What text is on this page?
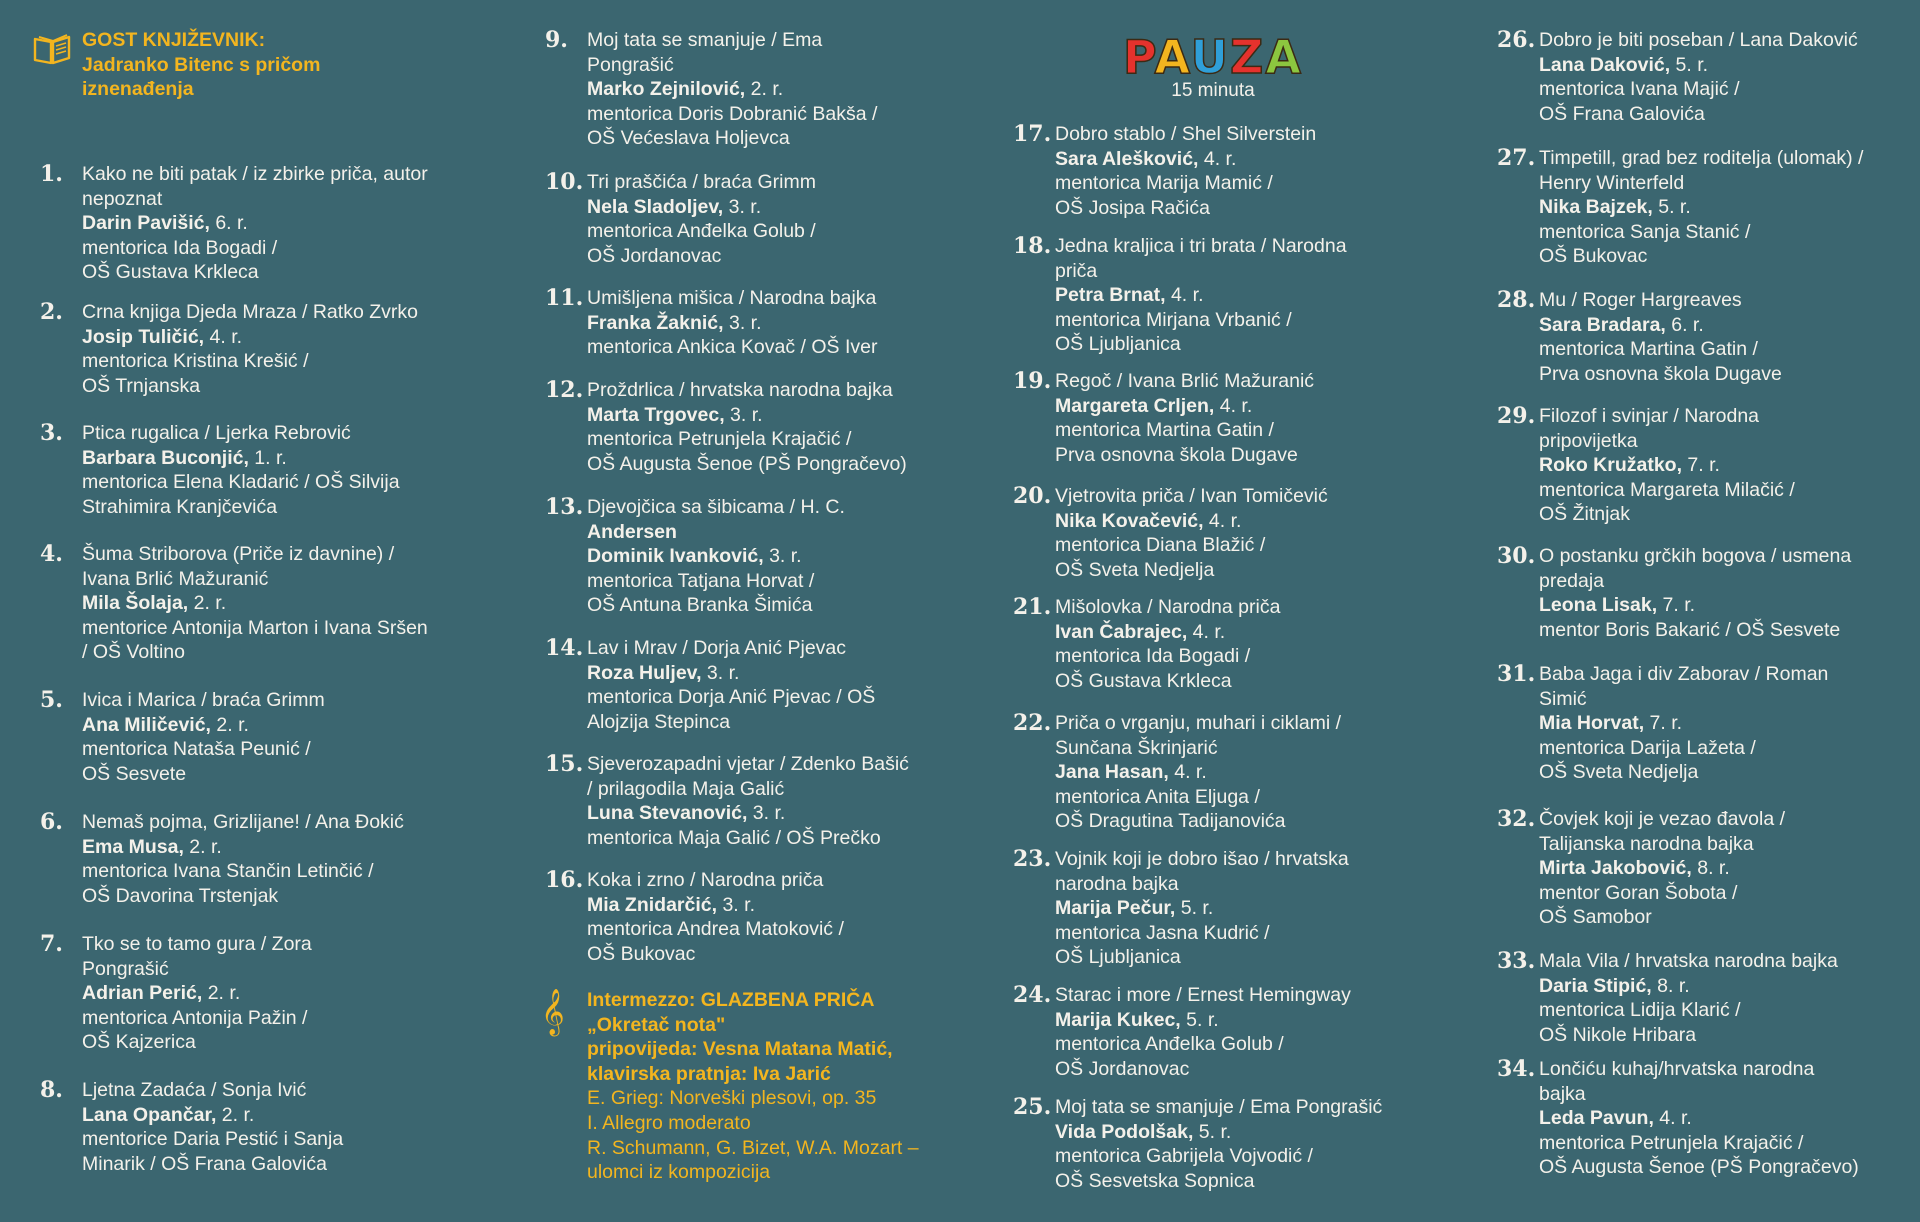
GOST KNJIŽEVNIK:
Jadranko Bitenc s pričom
iznenađenja
1. Kako ne biti patak / iz zbirke priča, autor
nepoznat
Darin Pavišić, 6. r.
mentorica Ida Bogadi /
OŠ Gustava Krkleca
2. Crna knjiga Djeda Mraza / Ratko Zvrko
Josip Tuličić, 4. r.
mentorica Kristina Krešić /
OŠ Trnjanska
3. Ptica rugalica / Ljerka Rebrović
Barbara Buconjić, 1. r.
mentorica Elena Kladarić / OŠ Silvija
Strahimira Kranjčevića
4. Šuma Striborova (Priče iz davnine) /
Ivana Brlić Mažuranić
Mila Šolaja, 2. r.
mentorice Antonija Marton i Ivana Sršen
/ OŠ Voltino
5. Ivica i Marica / braća Grimm
Ana Miličević, 2. r.
mentorica Nataša Peunić /
OŠ Sesvete
6. Nemaš pojma, Grizlijane! / Ana Đokić
Ema Musa, 2. r.
mentorica Ivana Stančin Letinčić /
OŠ Davorina Trstenjak
7. Tko se to tamo gura / Zora
Pongrašić
Adrian Perić, 2. r.
mentorica Antonija Pažin /
OŠ Kajzerica
8. Ljetna Zadaća / Sonja Ivić
Lana Opančar, 2. r.
mentorice Daria Pestić i Sanja
Minarik / OŠ Frana Galovića
𝄞 Intermezzo: GLAZBENA PRIČA
„Okretač nota"
pripovijeda: Vesna Matana Matić,
klavirska pratnja: Iva Jarić
E. Grieg: Norveški plesovi, op. 35
I. Allegro moderato
R. Schumann, G. Bizet, W.A. Mozart –
ulomci iz kompozicija
9. Moj tata se smanjuje / Ema
Pongrašić
Marko Zejnilović, 2. r.
mentorica Doris Dobranić Bakša /
OŠ Većeslava Holjevca
10. Tri praščića / braća Grimm
Nela Sladoljev, 3. r.
mentorica Anđelka Golub /
OŠ Jordanovac
11. Umišljena mišica / Narodna bajka
Franka Žaknić, 3. r.
mentorica Ankica Kovač / OŠ Iver
12. Proždrlica / hrvatska narodna bajka
Marta Trgovec, 3. r.
mentorica Petrunjela Krajačić /
OŠ Augusta Šenoe (PŠ Pongračevo)
13. Djevojčica sa šibicama / H. C.
Andersen
Dominik Ivanković, 3. r.
mentorica Tatjana Horvat /
OŠ Antuna Branka Šimića
14. Lav i Mrav / Dorja Anić Pjevac
Roza Huljev, 3. r.
mentorica Dorja Anić Pjevac / OŠ
Alojzija Stepinca
15. Sjeverozapadni vjetar / Zdenko Bašić
/ prilagodila Maja Galić
Luna Stevanović, 3. r.
mentorica Maja Galić / OŠ Prečko
16. Koka i zrno / Narodna priča
Mia Znidarčić, 3. r.
mentorica Andrea Matoković /
OŠ Bukovac
PAUZA
15 minuta
17. Dobro stablo / Shel Silverstein
Sara Alešković, 4. r.
mentorica Marija Mamić /
OŠ Josipa Račića
18. Jedna kraljica i tri brata / Narodna
priča
Petra Brnat, 4. r.
mentorica Mirjana Vrbanić /
OŠ Ljubljanica
19. Regoč / Ivana Brlić Mažuranić
Margareta Crljen, 4. r.
mentorica Martina Gatin /
Prva osnovna škola Dugave
20. Vjetrovita priča / Ivan Tomičević
Nika Kovačević, 4. r.
mentorica Diana Blažić /
OŠ Sveta Nedjelja
21. Mišolovka / Narodna priča
Ivan Čabrajec, 4. r.
mentorica Ida Bogadi /
OŠ Gustava Krkleca
22. Priča o vrganju, muhari i ciklami /
Sunčana Škrinjarić
Jana Hasan, 4. r.
mentorica Anita Eljuga /
OŠ Dragutina Tadijanovića
23. Vojnik koji je dobro išao / hrvatska
narodna bajka
Marija Pečur, 5. r.
mentorica Jasna Kudrić /
OŠ Ljubljanica
24. Starac i more / Ernest Hemingway
Marija Kukec, 5. r.
mentorica Anđelka Golub /
OŠ Jordanovac
25. Moj tata se smanjuje / Ema Pongrašić
Vida Podolšak, 5. r.
mentorica Gabrijela Vojvodić /
OŠ Sesvetska Sopnica
26. Dobro je biti poseban / Lana Daković
Lana Daković, 5. r.
mentorica Ivana Majić /
OŠ Frana Galovića
27. Timpetill, grad bez roditelja (ulomak) /
Henry Winterfeld
Nika Bajzek, 5. r.
mentorica Sanja Stanić /
OŠ Bukovac
28. Mu / Roger Hargreaves
Sara Bradara, 6. r.
mentorica Martina Gatin /
Prva osnovna škola Dugave
29. Filozof i svinjar / Narodna
pripovijetka
Roko Kružatko, 7. r.
mentorica Margareta Milačić /
OŠ Žitnjak
30. O postanku grčkih bogova / usmena
predaja
Leona Lisak, 7. r.
mentor Boris Bakarić / OŠ Sesvete
31. Baba Jaga i div Zaborav / Roman
Simić
Mia Horvat, 7. r.
mentorica Darija Lažeta /
OŠ Sveta Nedjelja
32. Čovjek koji je vezao đavola /
Talijanska narodna bajka
Mirta Jakobović, 8. r.
mentor Goran Šobota /
OŠ Samobor
33. Mala Vila / hrvatska narodna bajka
Daria Stipić, 8. r.
mentorica Lidija Klarić /
OŠ Nikole Hribara
34. Lončiću kuhaj/hrvatska narodna
bajka
Leda Pavun, 4. r.
mentorica Petrunjela Krajačić /
OŠ Augusta Šenoe (PŠ Pongračevo)
